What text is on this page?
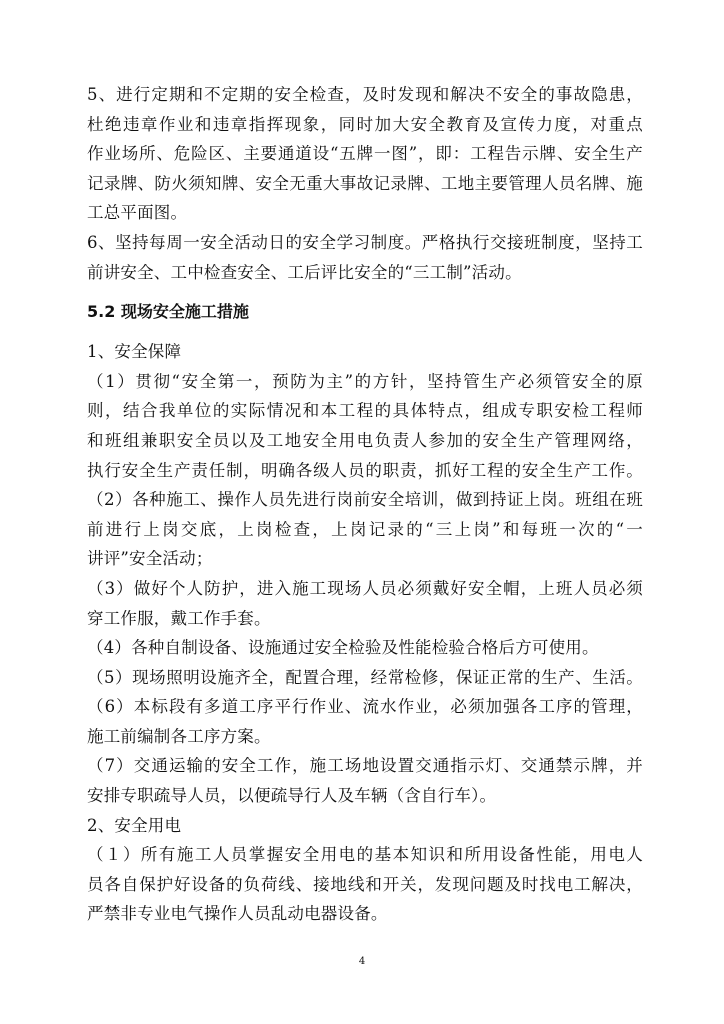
5、进行定期和不定期的安全检查，及时发现和解决不安全的事故隐患，
杜绝违章作业和违章指挥现象，同时加大安全教育及宣传力度，对重点
作业场所、危险区、主要通道设“五牌一图”，即：工程告示牌、安全生产
记录牌、防火须知牌、安全无重大事故记录牌、工地主要管理人员名牌、施
工总平面图。
6、坚持每周一安全活动日的安全学习制度。严格执行交接班制度，坚持工
前讲安全、工中检查安全、工后评比安全的“三工制”活动。
5.2 现场安全施工措施
1、安全保障
（1）贯彻“安全第一，预防为主”的方针，坚持管生产必须管安全的原
则，结合我单位的实际情况和本工程的具体特点，组成专职安检工程师
和班组兼职安全员以及工地安全用电负责人参加的安全生产管理网络，
执行安全生产责任制，明确各级人员的职责，抓好工程的安全生产工作。
（2）各种施工、操作人员先进行岗前安全培训，做到持证上岗。班组在班
前进行上岗交底，上岗检查，上岗记录的“三上岗”和每班一次的“一
讲评”安全活动；
（3）做好个人防护，进入施工现场人员必须戴好安全帽，上班人员必须
穿工作服，戴工作手套。
（4）各种自制设备、设施通过安全检验及性能检验合格后方可使用。
（5）现场照明设施齐全，配置合理，经常检修，保证正常的生产、生活。
（6）本标段有多道工序平行作业、流水作业，必须加强各工序的管理，
施工前编制各工序方案。
（7）交通运输的安全工作，施工场地设置交通指示灯、交通禁示牌，并
安排专职疏导人员，以便疏导行人及车辆（含自行车）。
2、安全用电
（１）所有施工人员掌握安全用电的基本知识和所用设备性能，用电人
员各自保护好设备的负荷线、接地线和开关，发现问题及时找电工解决，
严禁非专业电气操作人员乱动电器设备。
4
